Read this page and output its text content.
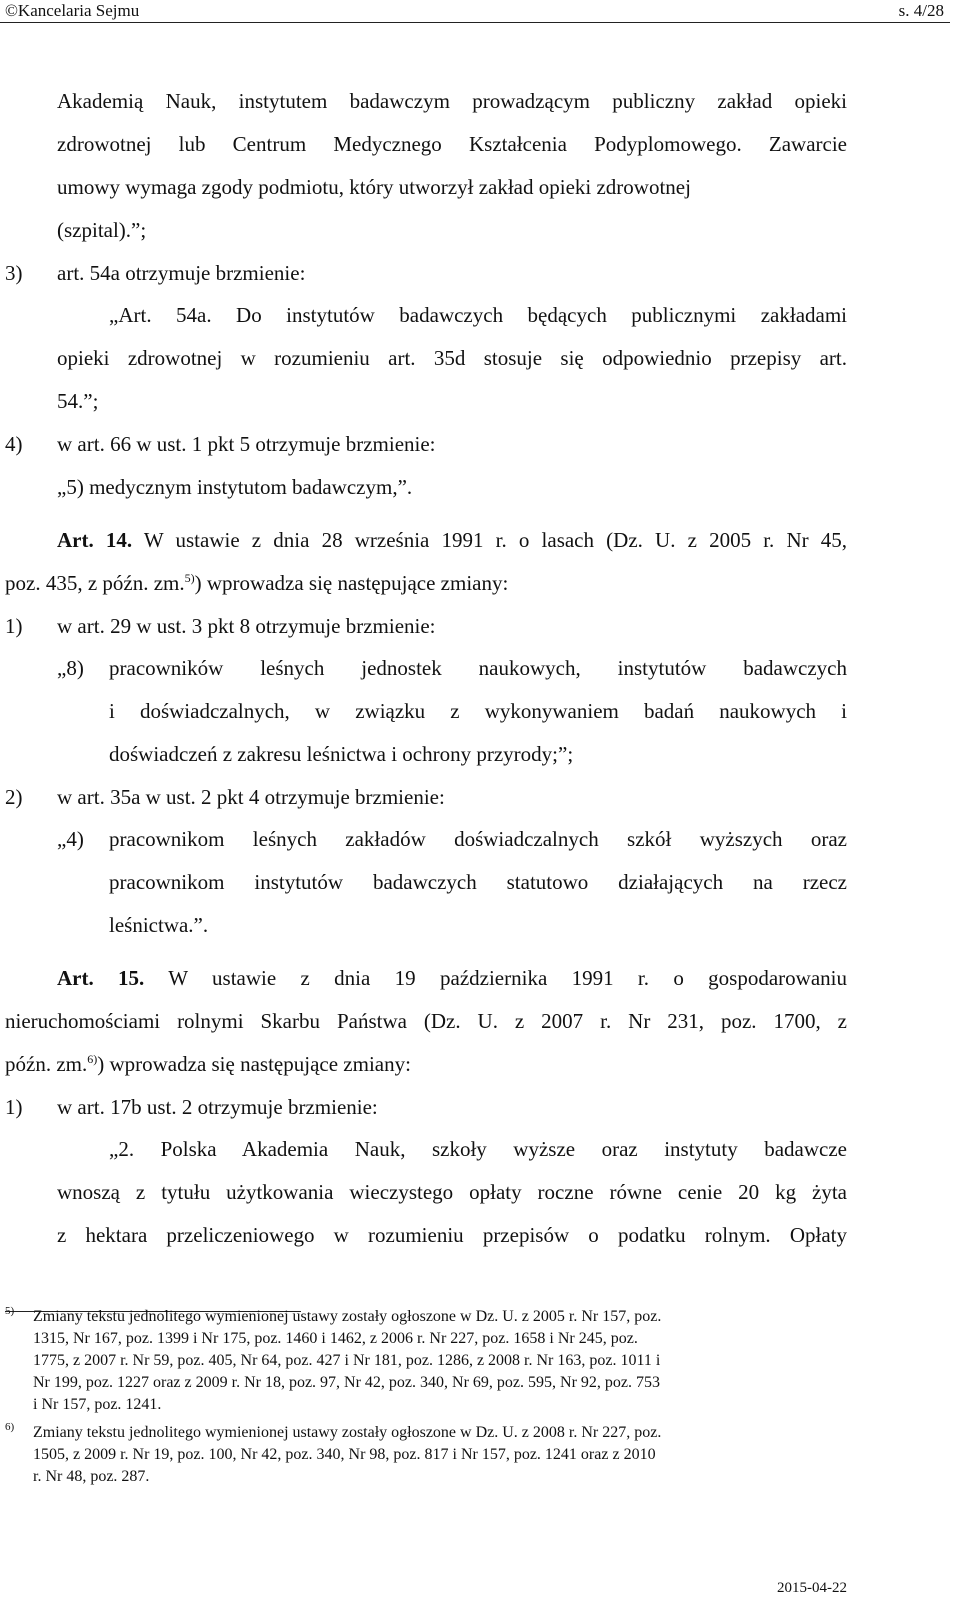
©Kancelaria Sejmu	s. 4/28
Akademią Nauk, instytutem badawczym prowadzącym publiczny zakład opieki
zdrowotnej lub Centrum Medycznego Kształcenia Podyplomowego. Zawarcie
umowy wymaga zgody podmiotu, który utworzył zakład opieki zdrowotnej
(szpital).”;
3) art. 54a otrzymuje brzmienie:
„Art. 54a. Do instytutów badawczych będących publicznymi zakładami
opieki zdrowotnej w rozumieniu art. 35d stosuje się odpowiednio przepisy art.
54.”;
4) w art. 66 w ust. 1 pkt 5 otrzymuje brzmienie:
„5) medycznym instytutom badawczym,”.
Art. 14. W ustawie z dnia 28 września 1991 r. o lasach (Dz. U. z 2005 r. Nr 45,
poz. 435, z późn. zm.$^{5)}$) wprowadza się następujące zmiany:
1) w art. 29 w ust. 3 pkt 8 otrzymuje brzmienie:
„8) pracowników leśnych jednostek naukowych, instytutów badawczych
i doświadczalnych, w związku z wykonywaniem badań naukowych i
doświadczeń z zakresu leśnictwa i ochrony przyrody;”;
2) w art. 35a w ust. 2 pkt 4 otrzymuje brzmienie:
„4) pracownikom leśnych zakładów doświadczalnych szkół wyższych oraz
pracownikom instytutów badawczych statutowo działających na rzecz
leśnictwa.”.
Art. 15. W ustawie z dnia 19 października 1991 r. o gospodarowaniu
nieruchomościami rolnymi Skarbu Państwa (Dz. U. z 2007 r. Nr 231, poz. 1700, z
późn. zm.$^{6)}$) wprowadza się następujące zmiany:
1) w art. 17b ust. 2 otrzymuje brzmienie:
„2. Polska Akademia Nauk, szkoły wyższe oraz instytuty badawcze
wnoszą z tytułu użytkowania wieczystego opłaty roczne równe cenie 20 kg żyta
z hektara przeliczeniowego w rozumieniu przepisów o podatku rolnym. Opłaty
5) Zmiany tekstu jednolitego wymienionej ustawy zostały ogłoszone w Dz. U. z 2005 r. Nr 157, poz.
1315, Nr 167, poz. 1399 i Nr 175, poz. 1460 i 1462, z 2006 r. Nr 227, poz. 1658 i Nr 245, poz.
1775, z 2007 r. Nr 59, poz. 405, Nr 64, poz. 427 i Nr 181, poz. 1286, z 2008 r. Nr 163, poz. 1011 i
Nr 199, poz. 1227 oraz z 2009 r. Nr 18, poz. 97, Nr 42, poz. 340, Nr 69, poz. 595, Nr 92, poz. 753
i Nr 157, poz. 1241.
6) Zmiany tekstu jednolitego wymienionej ustawy zostały ogłoszone w Dz. U. z 2008 r. Nr 227, poz.
1505, z 2009 r. Nr 19, poz. 100, Nr 42, poz. 340, Nr 98, poz. 817 i Nr 157, poz. 1241 oraz z 2010
r. Nr 48, poz. 287.
2015-04-22
